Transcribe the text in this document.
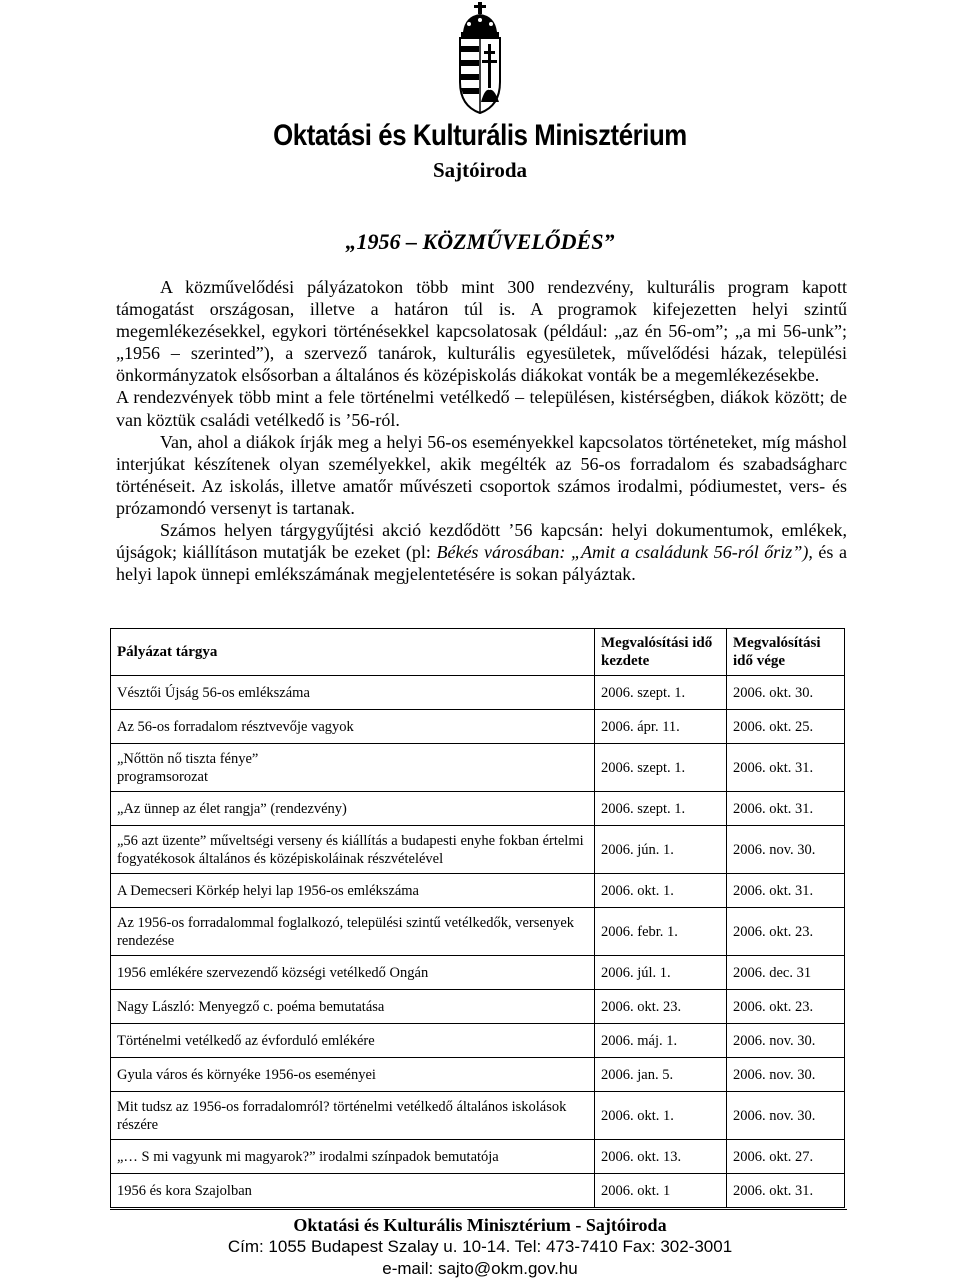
Oktatási és Kulturális Minisztérium
Sajtóiroda
„1956 – KÖZMŰVELŐDÉS”

A közművelődési pályázatokon több mint 300 rendezvény, kulturális program kapott támogatást országosan, illetve a határon túl is. A programok kifejezetten helyi szintű megemlékezésekkel, egykori történésekkel kapcsolatosak (például: „az én 56-om”; „a mi 56-unk”; „1956 – szerinted”), a szervező tanárok, kulturális egyesületek, művelődési házak, települési önkormányzatok elsősorban a általános és középiskolás diákokat vonták be a megemlékezésekbe.

A rendezvények több mint a fele történelmi vetélkedő – településen, kistérségben, diákok között; de van köztük családi vetélkedő is ’56-ról.

Van, ahol a diákok írják meg a helyi 56-os eseményekkel kapcsolatos történeteket, míg máshol interjúkat készítenek olyan személyekkel, akik megélték az 56-os forradalom és szabadságharc történéseit. Az iskolás, illetve amatőr művészeti csoportok számos irodalmi, pódiumestet, vers- és prózamondó versenyt is tartanak.

Számos helyen tárgygyűjtési akció kezdődött ’56 kapcsán: helyi dokumentumok, emlékek, újságok; kiállításon mutatják be ezeket (pl: Békés városában: „Amit a családunk 56-ról őriz”), és a helyi lapok ünnepi emlékszámának megjelentetésére is sokan pályáztak.

Pályázat tárgya	Megvalósítási idő kezdete	Megvalósítási idő vége
Vésztői Újság 56-os emlékszáma	2006. szept. 1.	2006. okt. 30.
Az 56-os forradalom résztvevője vagyok	2006. ápr. 11.	2006. okt. 25.
„Nőttön nő tiszta fénye” programsorozat	2006. szept. 1.	2006. okt. 31.
„Az ünnep az élet rangja” (rendezvény)	2006. szept. 1.	2006. okt. 31.
„56 azt üzente” műveltségi verseny és kiállítás a budapesti enyhe fokban értelmi fogyatékosok általános és középiskoláinak részvételével	2006. jún. 1.	2006. nov. 30.
A Demecseri Körkép helyi lap 1956-os emlékszáma	2006. okt. 1.	2006. okt. 31.
Az 1956-os forradalommal foglalkozó, települési szintű vetélkedők, versenyek rendezése	2006. febr. 1.	2006. okt. 23.
1956 emlékére szervezendő községi vetélkedő Ongán	2006. júl. 1.	2006. dec. 31
Nagy László: Menyegző c. poéma bemutatása	2006. okt. 23.	2006. okt. 23.
Történelmi vetélkedő az évforduló emlékére	2006. máj. 1.	2006. nov. 30.
Gyula város és környéke 1956-os eseményei	2006. jan. 5.	2006. nov. 30.
Mit tudsz az 1956-os forradalomról? történelmi vetélkedő általános iskolások részére	2006. okt. 1.	2006. nov. 30.
„… S mi vagyunk mi magyarok?” irodalmi színpadok bemutatója	2006. okt. 13.	2006. okt. 27.
1956 és kora Szajolban	2006. okt. 1	2006. okt. 31.
Oktatási és Kulturális Minisztérium - Sajtóiroda
Cím: 1055 Budapest Szalay u. 10-14. Tel: 473-7410 Fax: 302-3001
e-mail: sajto@okm.gov.hu
